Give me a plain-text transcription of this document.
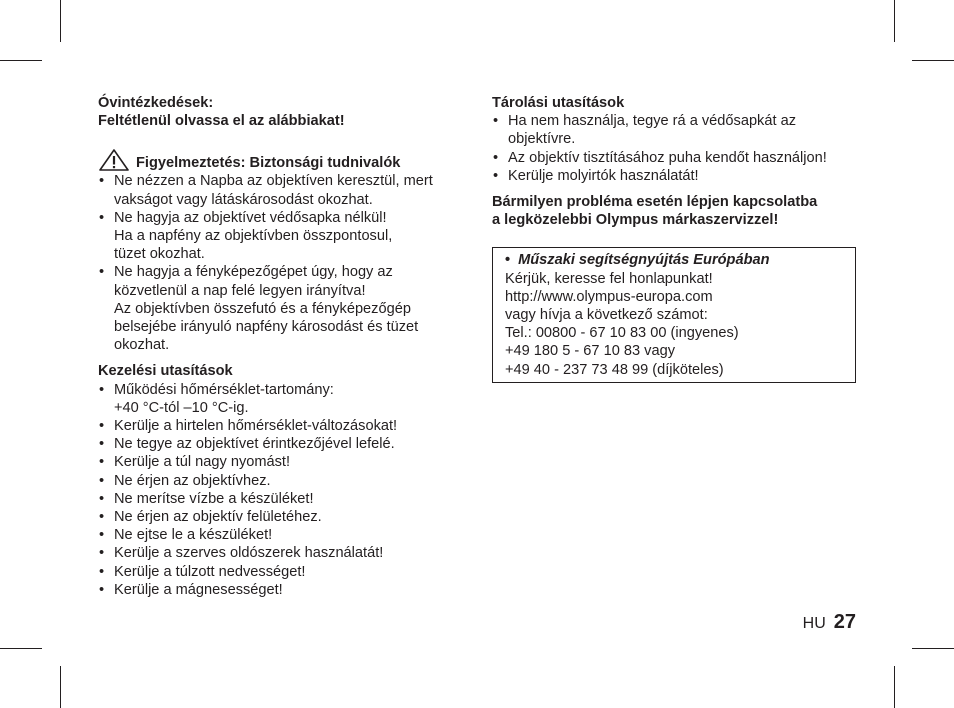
Óvintézkedések:
Feltétlenül olvassa el az alábbiakat!
Figyelmeztetés: Biztonsági tudnivalók
• Ne nézzen a Napba az objektíven keresztül, mert
vakságot vagy látáskárosodást okozhat.
• Ne hagyja az objektívet védősapka nélkül!
Ha a napfény az objektívben összpontosul,
tüzet okozhat.
• Ne hagyja a fényképezőgépet úgy, hogy az
közvetlenül a nap felé legyen irányítva!
Az objektívben összefutó és a fényképezőgép
belsejébe irányuló napfény károsodást és tüzet
okozhat.
Kezelési utasítások
• Működési hőmérséklet-tartomány:
+40 °C-tól –10 °C-ig.
• Kerülje a hirtelen hőmérséklet-változásokat!
• Ne tegye az objektívet érintkezőjével lefelé.
• Kerülje a túl nagy nyomást!
• Ne érjen az objektívhez.
• Ne merítse vízbe a készüléket!
• Ne érjen az objektív felületéhez.
• Ne ejtse le a készüléket!
• Kerülje a szerves oldószerek használatát!
• Kerülje a túlzott nedvességet!
• Kerülje a mágnesességet!
Tárolási utasítások
• Ha nem használja, tegye rá a védősapkát az
objektívre.
• Az objektív tisztításához puha kendőt használjon!
• Kerülje molyirtók használatát!
Bármilyen probléma esetén lépjen kapcsolatba
a legközelebbi Olympus márkaszervizzel!
• Műszaki segítségnyújtás Európában
Kérjük, keresse fel honlapunkat!
http://www.olympus-europa.com
vagy hívja a következő számot:
Tel.: 00800 - 67 10 83 00 (ingyenes)
+49 180 5 - 67 10 83 vagy
+49 40 - 237 73 48 99 (díjköteles)
HU 27
